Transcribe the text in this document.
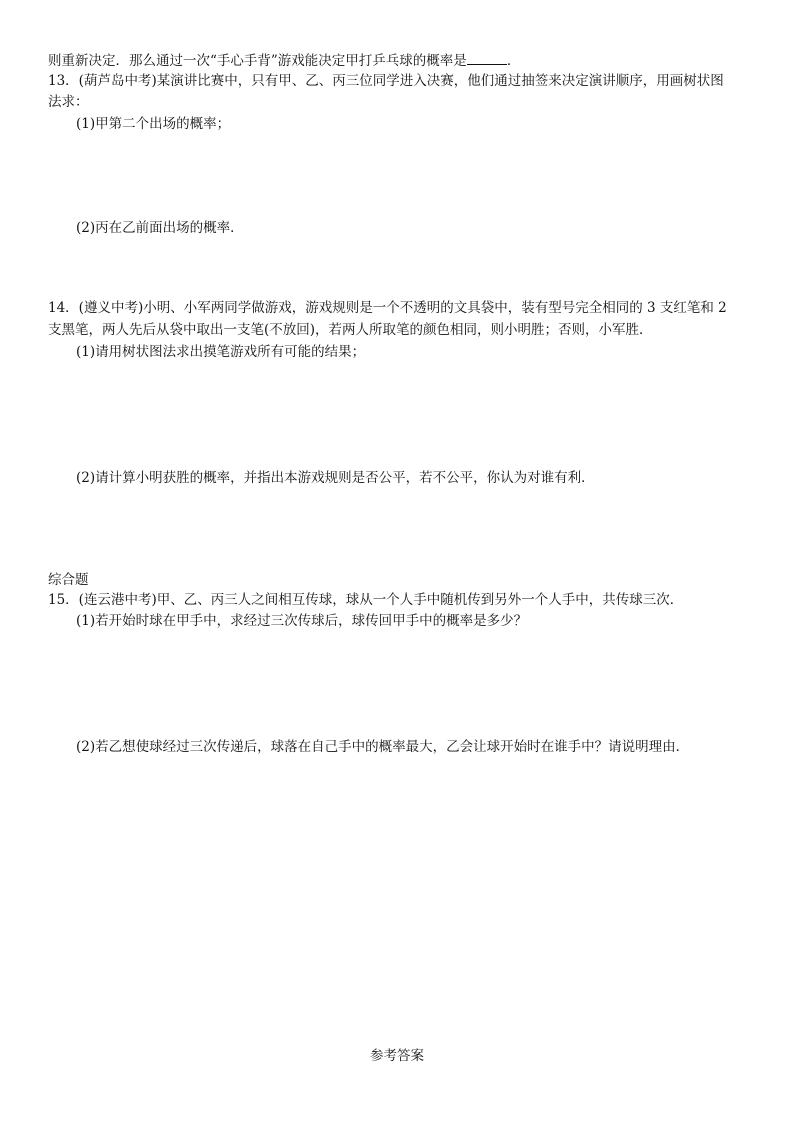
则重新决定．那么通过一次“手心手背”游戏能决定甲打乒乓球的概率是	．
13．(葫芦岛中考)某演讲比赛中，只有甲、乙、丙三位同学进入决赛，他们通过抽签来决定演讲顺序，用画树状图
法求：
(1)甲第二个出场的概率；
(2)丙在乙前面出场的概率．
14．(遵义中考)小明、小军两同学做游戏，游戏规则是一个不透明的文具袋中，装有型号完全相同的 3 支红笔和 2
支黑笔，两人先后从袋中取出一支笔(不放回)，若两人所取笔的颜色相同，则小明胜；否则，小军胜．
(1)请用树状图法求出摸笔游戏所有可能的结果；
(2)请计算小明获胜的概率，并指出本游戏规则是否公平，若不公平，你认为对谁有利．
综合题
15．(连云港中考)甲、乙、丙三人之间相互传球，球从一个人手中随机传到另外一个人手中，共传球三次．
(1)若开始时球在甲手中，求经过三次传球后，球传回甲手中的概率是多少？
(2)若乙想使球经过三次传递后，球落在自己手中的概率最大，乙会让球开始时在谁手中？请说明理由．
参考答案
